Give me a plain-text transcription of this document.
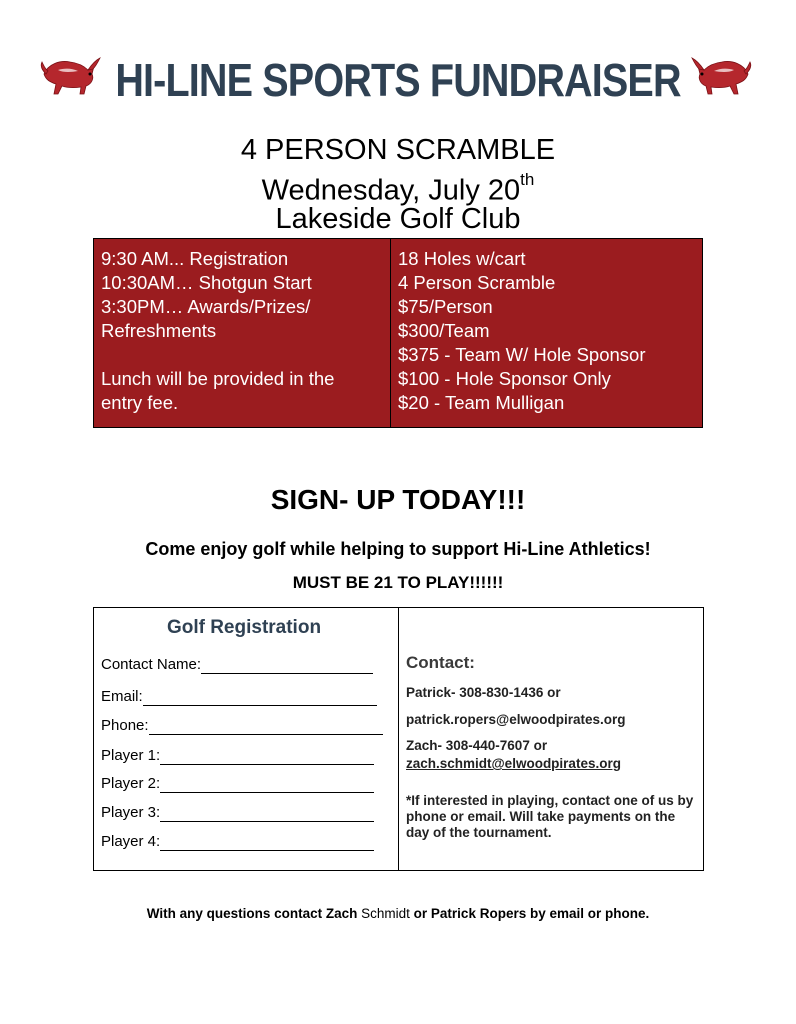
HI-LINE SPORTS FUNDRAISER
4 PERSON SCRAMBLE
Wednesday, July 20th
Lakeside Golf Club
9:30 AM... Registration
10:30AM… Shotgun Start
3:30PM… Awards/Prizes/
Refreshments
Lunch will be provided in the
entry fee.
18 Holes w/cart
4 Person Scramble
$75/Person
$300/Team
$375 - Team W/ Hole Sponsor
$100 - Hole Sponsor Only
$20 - Team Mulligan
SIGN- UP TODAY!!!
Come enjoy golf while helping to support Hi-Line Athletics!
MUST BE 21 TO PLAY!!!!!!
Golf Registration
Contact Name:
Email:
Phone:
Player 1:
Player 2:
Player 3:
Player 4:
Contact:
Patrick- 308-830-1436 or
patrick.ropers@elwoodpirates.org
Zach- 308-440-7607 or
zach.schmidt@elwoodpirates.org
*If interested in playing, contact one of us by phone or email. Will take payments on the day of the tournament.
With any questions contact Zach Schmidt or Patrick Ropers by email or phone.
